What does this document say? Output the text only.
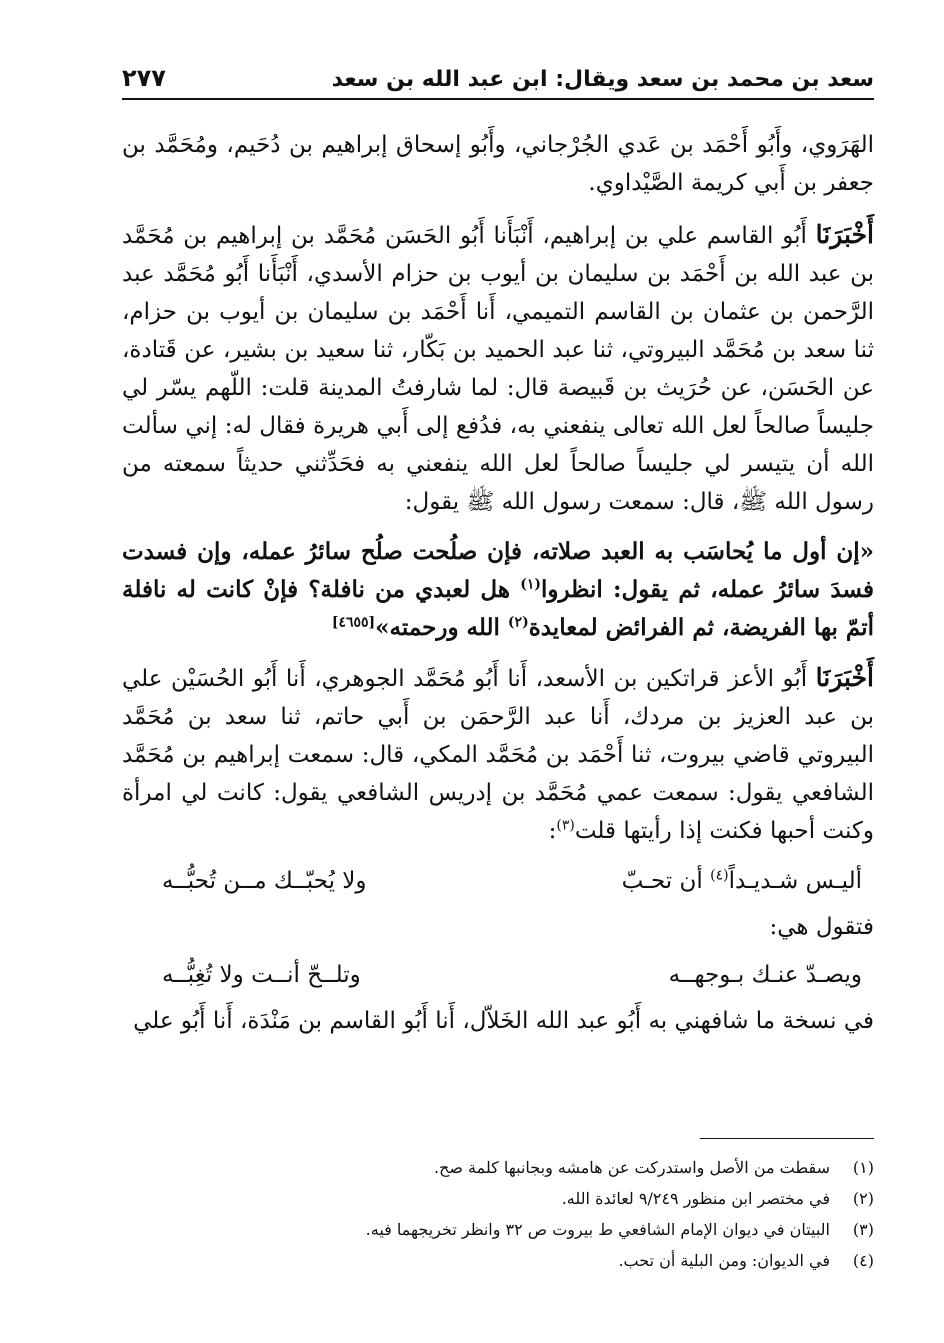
سعد بن محمد بن سعد ويقال: ابن عبد الله بن سعد
٢٧٧

الهَرَوي، وأَبُو أَحْمَد بن عَدي الجُرْجاني، وأَبُو إسحاق إبراهيم بن دُحَيم، ومُحَمَّد بن جعفر بن أَبي كريمة الصَّيْداوي.

أَخْبَرَنَا أَبُو القاسم علي بن إبراهيم، أَنْبَأَنا أَبُو الحَسَن مُحَمَّد بن إبراهيم بن مُحَمَّد بن عبد الله بن أَحْمَد بن سليمان بن أيوب بن حزام الأسدي، أَنْبَأَنا أَبُو مُحَمَّد عبد الرَّحمن بن عثمان بن القاسم التميمي، أَنا أَحْمَد بن سليمان بن أيوب بن حزام، ثنا سعد بن مُحَمَّد البيروتي، ثنا عبد الحميد بن بَكّار، ثنا سعيد بن بشير، عن قَتادة، عن الحَسَن، عن حُرَيث بن قَبيصة قال: لما شارفتُ المدينة قلت: اللّهم يسّر لي جليساً صالحاً لعل الله تعالى ينفعني به، فدُفع إلى أَبي هريرة فقال له: إني سألت الله أن يتيسر لي جليساً صالحاً لعل الله ينفعني به فحَدِّثني حديثاً سمعته من رسول الله ﷺ، قال: سمعت رسول الله ﷺ يقول:

«إن أول ما يُحاسَب به العبد صلاته، فإن صلُحت صلُح سائرُ عمله، وإن فسدت فسدَ سائرُ عمله، ثم يقول: انظروا$^{(١)}$ هل لعبدي من نافلة؟ فإنْ كانت له نافلة أتمّ بها الفريضة، ثم الفرائض لمعايدة$^{(٢)}$ الله ورحمته»[٤٦٥٥]

أَخْبَرَنَا أَبُو الأعز قراتكين بن الأسعد، أَنا أَبُو مُحَمَّد الجوهري، أَنا أَبُو الحُسَيْن علي بن عبد العزيز بن مردك، أَنا عبد الرَّحمَن بن أَبي حاتم، ثنا سعد بن مُحَمَّد البيروتي قاضي بيروت، ثنا أَحْمَد بن مُحَمَّد المكي، قال: سمعت إبراهيم بن مُحَمَّد الشافعي يقول: سمعت عمي مُحَمَّد بن إدريس الشافعي يقول: كانت لي امرأة وكنت أحبها فكنت إذا رأيتها قلت$^{(٣)}$:

أليـس شـديـداً$^{(٤)}$ أن تحـبّ
ولا يُحبّــك مــن تُحبُّــه
فتقول هي:
ويصـدّ عنـك بـوجهــه
وتلــحّ أنــت ولا تُغِبُّــه

في نسخة ما شافهني به أَبُو عبد الله الخَلاّل، أَنا أَبُو القاسم بن مَنْدَة، أَنا أَبُو علي

(١)
سقطت من الأصل واستدركت عن هامشه وبجانبها كلمة صح.
(٢)
في مختصر ابن منظور ٩/٢٤٩ لعائدة الله.
(٣)
البيتان في ديوان الإمام الشافعي ط بيروت ص ٣٢ وانظر تخريجهما فيه.
(٤)
في الديوان: ومن البلية أن تحب.
